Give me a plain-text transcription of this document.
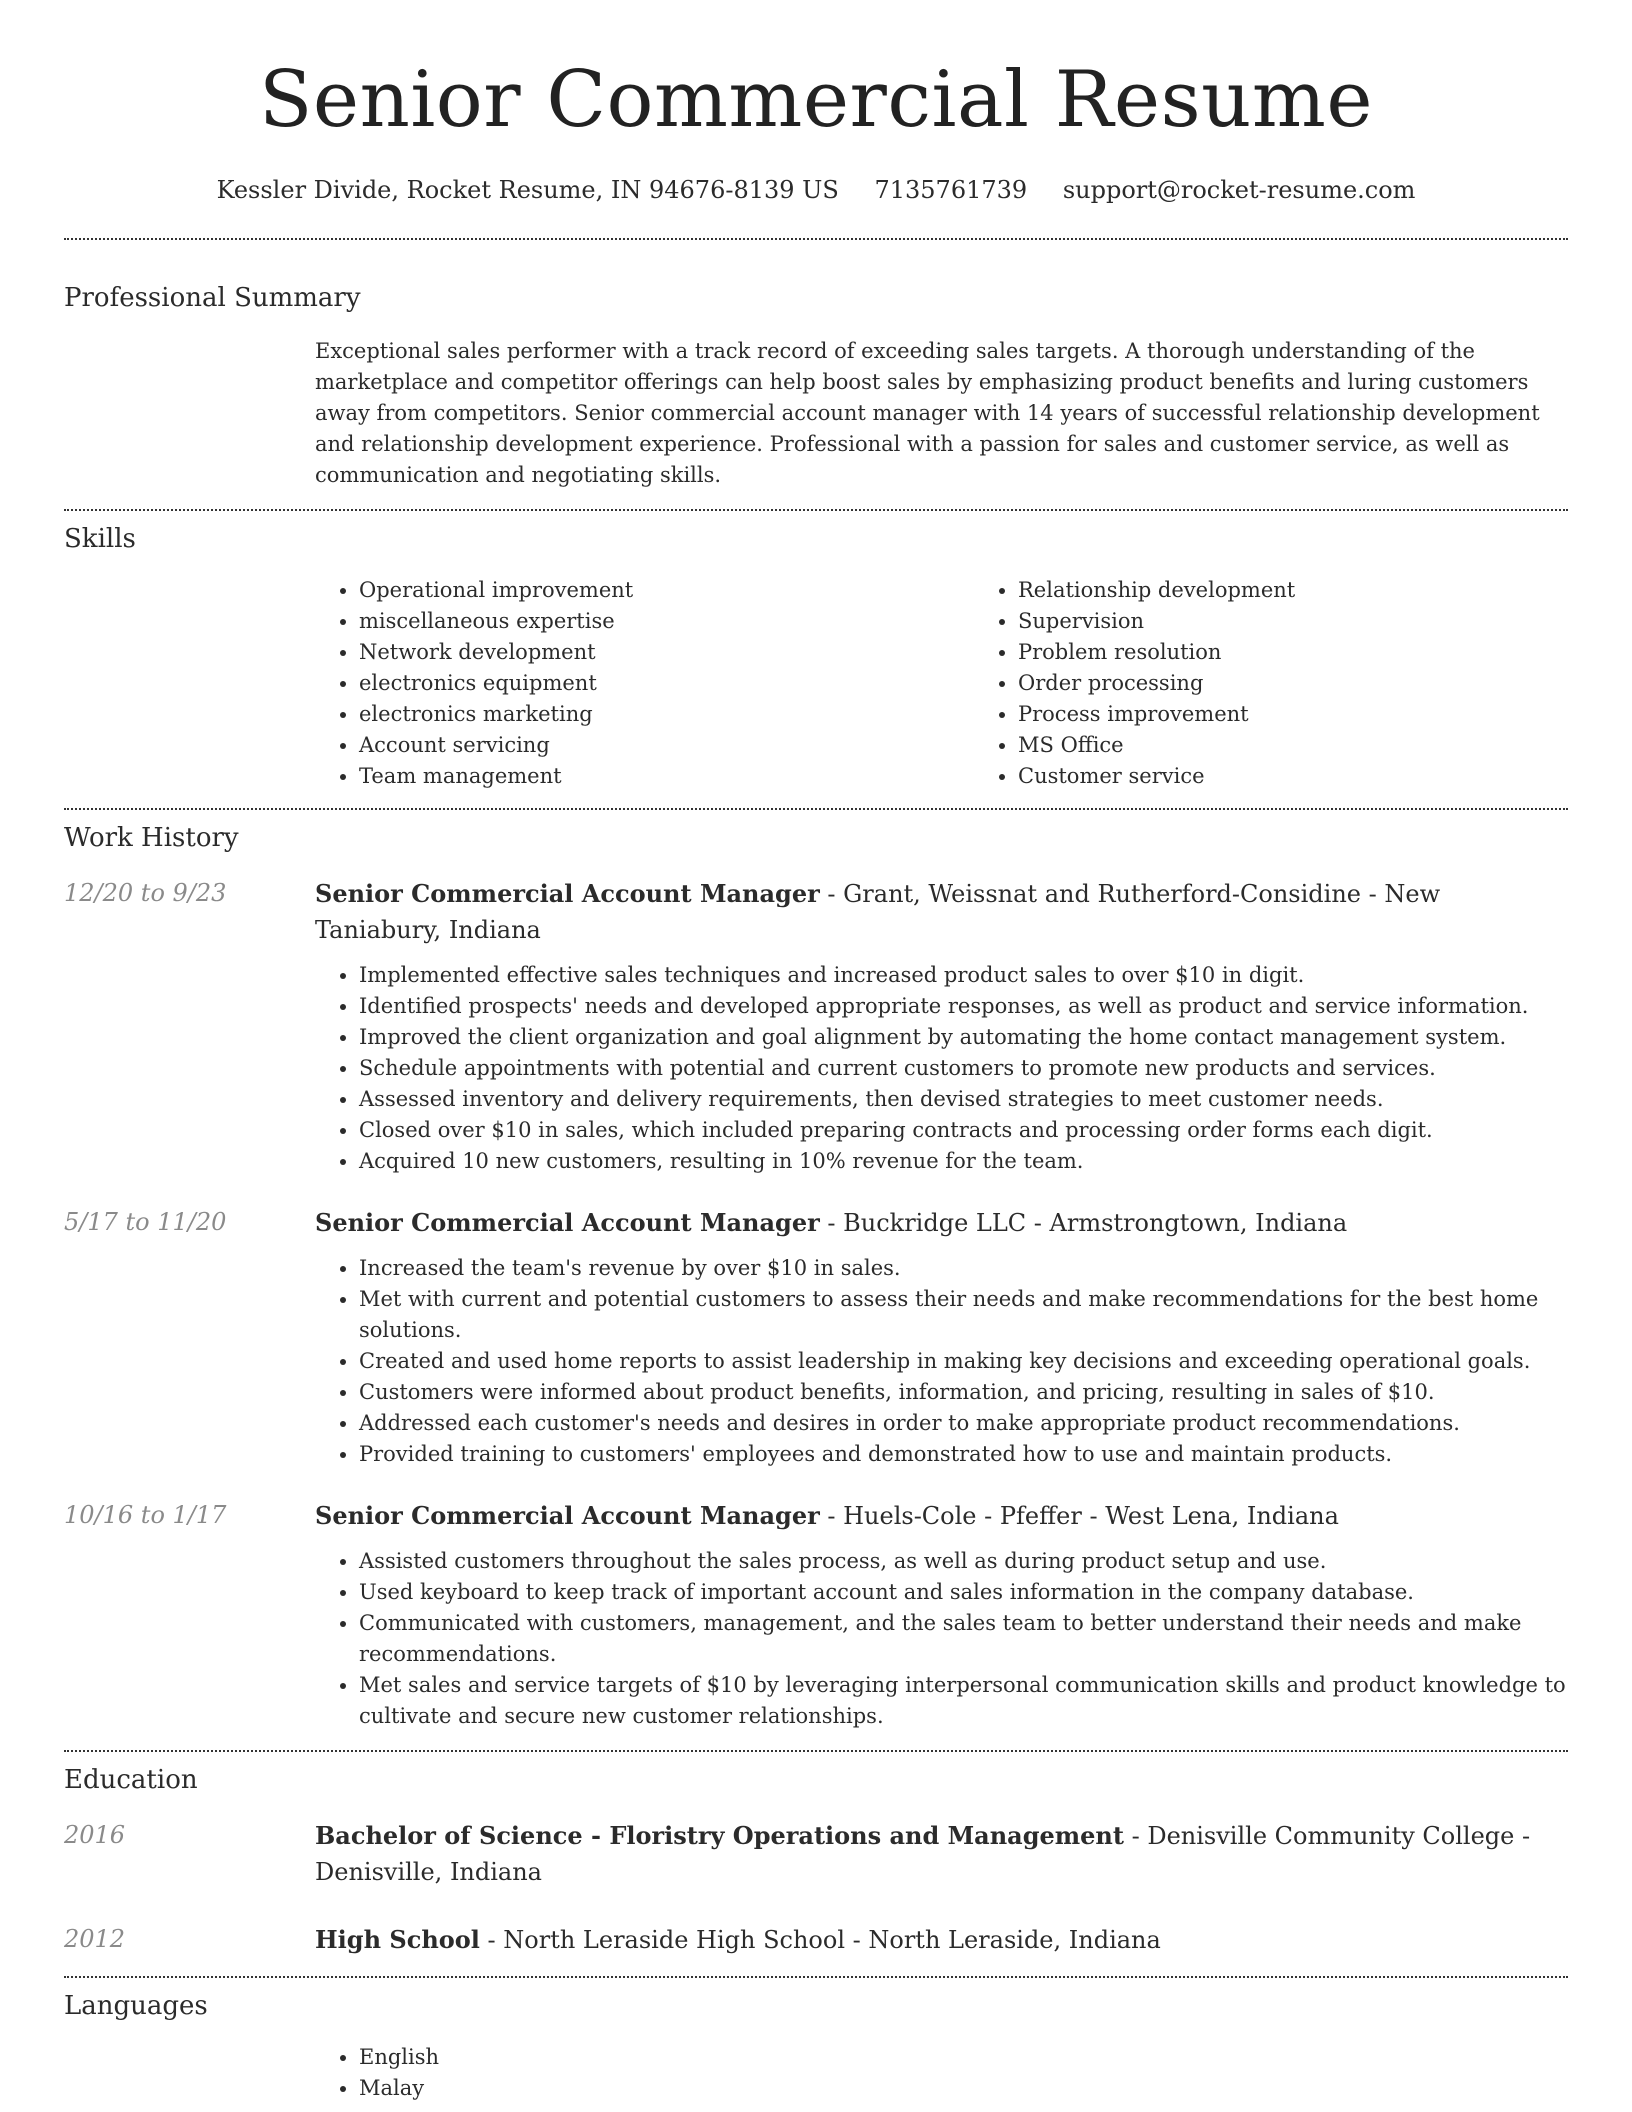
Senior Commercial Resume
Kessler Divide, Rocket Resume, IN 94676-8139 US 7135761739 support@rocket-resume.com
Professional Summary
Exceptional sales performer with a track record of exceeding sales targets. A thorough understanding of the marketplace and competitor offerings can help boost sales by emphasizing product benefits and luring customers away from competitors. Senior commercial account manager with 14 years of successful relationship development and relationship development experience. Professional with a passion for sales and customer service, as well as communication and negotiating skills.
Skills
• Operational improvement
• miscellaneous expertise
• Network development
• electronics equipment
• electronics marketing
• Account servicing
• Team management
• Relationship development
• Supervision
• Problem resolution
• Order processing
• Process improvement
• MS Office
• Customer service
Work History
12/20 to 9/23	Senior Commercial Account Manager - Grant, Weissnat and Rutherford-Considine - New Taniabury, Indiana
• Implemented effective sales techniques and increased product sales to over $10 in digit.
• Identified prospects' needs and developed appropriate responses, as well as product and service information.
• Improved the client organization and goal alignment by automating the home contact management system.
• Schedule appointments with potential and current customers to promote new products and services.
• Assessed inventory and delivery requirements, then devised strategies to meet customer needs.
• Closed over $10 in sales, which included preparing contracts and processing order forms each digit.
• Acquired 10 new customers, resulting in 10% revenue for the team.
5/17 to 11/20	Senior Commercial Account Manager - Buckridge LLC - Armstrongtown, Indiana
• Increased the team's revenue by over $10 in sales.
• Met with current and potential customers to assess their needs and make recommendations for the best home solutions.
• Created and used home reports to assist leadership in making key decisions and exceeding operational goals.
• Customers were informed about product benefits, information, and pricing, resulting in sales of $10.
• Addressed each customer's needs and desires in order to make appropriate product recommendations.
• Provided training to customers' employees and demonstrated how to use and maintain products.
10/16 to 1/17	Senior Commercial Account Manager - Huels-Cole - Pfeffer - West Lena, Indiana
• Assisted customers throughout the sales process, as well as during product setup and use.
• Used keyboard to keep track of important account and sales information in the company database.
• Communicated with customers, management, and the sales team to better understand their needs and make recommendations.
• Met sales and service targets of $10 by leveraging interpersonal communication skills and product knowledge to cultivate and secure new customer relationships.
Education
2016	Bachelor of Science - Floristry Operations and Management - Denisville Community College - Denisville, Indiana
2012	High School - North Leraside High School - North Leraside, Indiana
Languages
• English
• Malay
